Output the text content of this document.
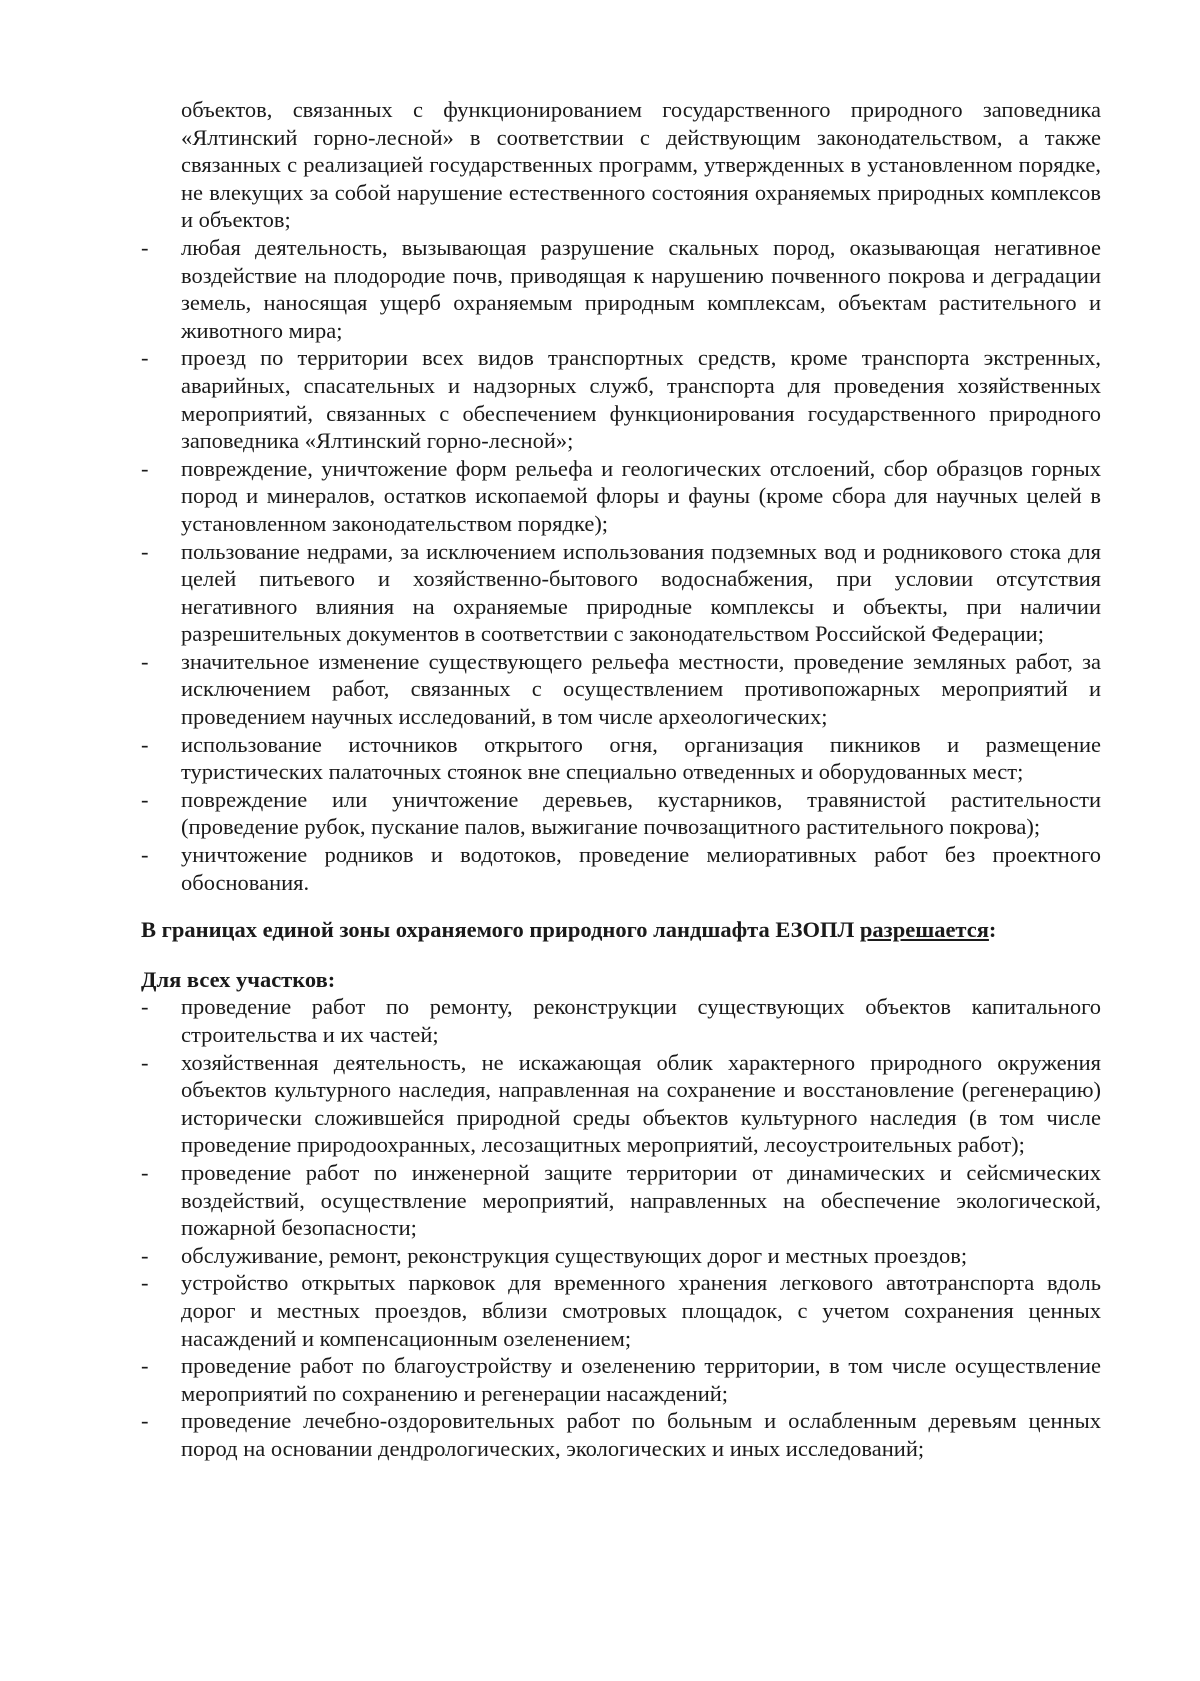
объектов, связанных с функционированием государственного природного заповедника «Ялтинский горно-лесной» в соответствии с действующим законодательством, а также связанных с реализацией государственных программ, утвержденных в установленном порядке, не влекущих за собой нарушение естественного состояния охраняемых природных комплексов и объектов;

-	любая деятельность, вызывающая разрушение скальных пород, оказывающая негативное воздействие на плодородие почв, приводящая к нарушению почвенного покрова и деградации земель, наносящая ущерб охраняемым природным комплексам, объектам растительного и животного мира;
-	проезд по территории всех видов транспортных средств, кроме транспорта экстренных, аварийных, спасательных и надзорных служб, транспорта для проведения хозяйственных мероприятий, связанных с обеспечением функционирования государственного природного заповедника «Ялтинский горно-лесной»;
-	повреждение, уничтожение форм рельефа и геологических отслоений, сбор образцов горных пород и минералов, остатков ископаемой флоры и фауны (кроме сбора для научных целей в установленном законодательством порядке);
-	пользование недрами, за исключением использования подземных вод и родникового стока для целей питьевого и хозяйственно-бытового водоснабжения, при условии отсутствия негативного влияния на охраняемые природные комплексы и объекты, при наличии разрешительных документов в соответствии с законодательством Российской Федерации;
-	значительное изменение существующего рельефа местности, проведение земляных работ, за исключением работ, связанных с осуществлением противопожарных мероприятий и проведением научных исследований, в том числе археологических;
-	использование источников открытого огня, организация пикников и размещение туристических палаточных стоянок вне специально отведенных и оборудованных мест;
-	повреждение или уничтожение деревьев, кустарников, травянистой растительности (проведение рубок, пускание палов, выжигание почвозащитного растительного покрова);
-	уничтожение родников и водотоков, проведение мелиоративных работ без проектного обоснования.

В границах единой зоны охраняемого природного ландшафта ЕЗОПЛ разрешается:

Для всех участков:

-	проведение работ по ремонту, реконструкции существующих объектов капитального строительства и их частей;
-	хозяйственная деятельность, не искажающая облик характерного природного окружения объектов культурного наследия, направленная на сохранение и восстановление (регенерацию) исторически сложившейся природной среды объектов культурного наследия (в том числе проведение природоохранных, лесозащитных мероприятий, лесоустроительных работ);
-	проведение работ по инженерной защите территории от динамических и сейсмических воздействий, осуществление мероприятий, направленных на обеспечение экологической, пожарной безопасности;
-	обслуживание, ремонт, реконструкция существующих дорог и местных проездов;
-	устройство открытых парковок для временного хранения легкового автотранспорта вдоль дорог и местных проездов, вблизи смотровых площадок, с учетом сохранения ценных насаждений и компенсационным озеленением;
-	проведение работ по благоустройству и озеленению территории, в том числе осуществление мероприятий по сохранению и регенерации насаждений;
-	проведение лечебно-оздоровительных работ по больным и ослабленным деревьям ценных пород на основании дендрологических, экологических и иных исследований;
